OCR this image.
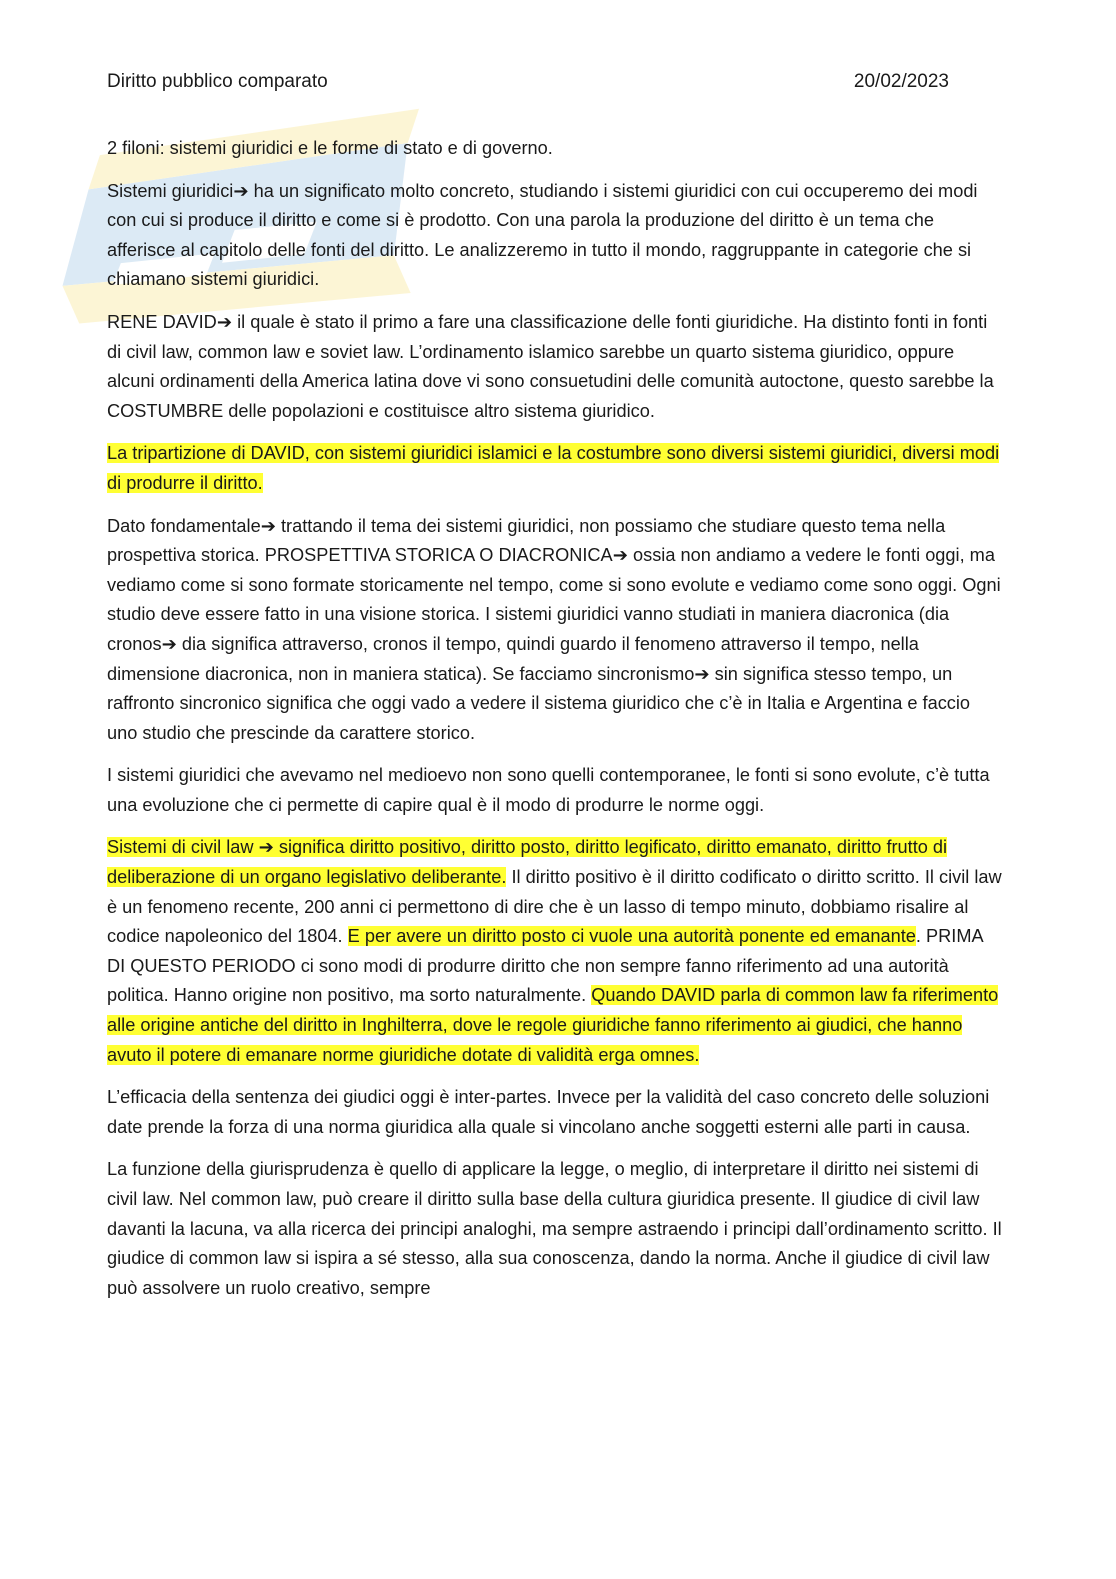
Diritto pubblico comparato	20/02/2023

2 filoni: sistemi giuridici e le forme di stato e di governo.

Sistemi giuridici➔ ha un significato molto concreto, studiando i sistemi giuridici con cui occuperemo dei modi con cui si produce il diritto e come si è prodotto. Con una parola la produzione del diritto è un tema che afferisce al capitolo delle fonti del diritto. Le analizzeremo in tutto il mondo, raggruppante in categorie che si chiamano sistemi giuridici.

RENE DAVID➔ il quale è stato il primo a fare una classificazione delle fonti giuridiche. Ha distinto fonti in fonti di civil law, common law e soviet law. L’ordinamento islamico sarebbe un quarto sistema giuridico, oppure alcuni ordinamenti della America latina dove vi sono consuetudini delle comunità autoctone, questo sarebbe la COSTUMBRE delle popolazioni e costituisce altro sistema giuridico.

La tripartizione di DAVID, con sistemi giuridici islamici e la costumbre sono diversi sistemi giuridici, diversi modi di produrre il diritto.

Dato fondamentale➔ trattando il tema dei sistemi giuridici, non possiamo che studiare questo tema nella prospettiva storica. PROSPETTIVA STORICA O DIACRONICA➔ ossia non andiamo a vedere le fonti oggi, ma vediamo come si sono formate storicamente nel tempo, come si sono evolute e vediamo come sono oggi. Ogni studio deve essere fatto in una visione storica. I sistemi giuridici vanno studiati in maniera diacronica (dia cronos➔ dia significa attraverso, cronos il tempo, quindi guardo il fenomeno attraverso il tempo, nella dimensione diacronica, non in maniera statica). Se facciamo sincronismo➔ sin significa stesso tempo, un raffronto sincronico significa che oggi vado a vedere il sistema giuridico che c’è in Italia e Argentina e faccio uno studio che prescinde da carattere storico.

I sistemi giuridici che avevamo nel medioevo non sono quelli contemporanee, le fonti si sono evolute, c’è tutta una evoluzione che ci permette di capire qual è il modo di produrre le norme oggi.

Sistemi di civil law ➔ significa diritto positivo, diritto posto, diritto legificato, diritto emanato, diritto frutto di deliberazione di un organo legislativo deliberante. Il diritto positivo è il diritto codificato o diritto scritto. Il civil law è un fenomeno recente, 200 anni ci permettono di dire che è un lasso di tempo minuto, dobbiamo risalire al codice napoleonico del 1804. E per avere un diritto posto ci vuole una autorità ponente ed emanante. PRIMA DI QUESTO PERIODO ci sono modi di produrre diritto che non sempre fanno riferimento ad una autorità politica. Hanno origine non positivo, ma sorto naturalmente. Quando DAVID parla di common law fa riferimento alle origine antiche del diritto in Inghilterra, dove le regole giuridiche fanno riferimento ai giudici, che hanno avuto il potere di emanare norme giuridiche dotate di validità erga omnes.

L’efficacia della sentenza dei giudici oggi è inter-partes. Invece per la validità del caso concreto delle soluzioni date prende la forza di una norma giuridica alla quale si vincolano anche soggetti esterni alle parti in causa.

La funzione della giurisprudenza è quello di applicare la legge, o meglio, di interpretare il diritto nei sistemi di civil law. Nel common law, può creare il diritto sulla base della cultura giuridica presente. Il giudice di civil law davanti la lacuna, va alla ricerca dei principi analoghi, ma sempre astraendo i principi dall’ordinamento scritto. Il giudice di common law si ispira a sé stesso, alla sua conoscenza, dando la norma. Anche il giudice di civil law può assolvere un ruolo creativo, sempre
